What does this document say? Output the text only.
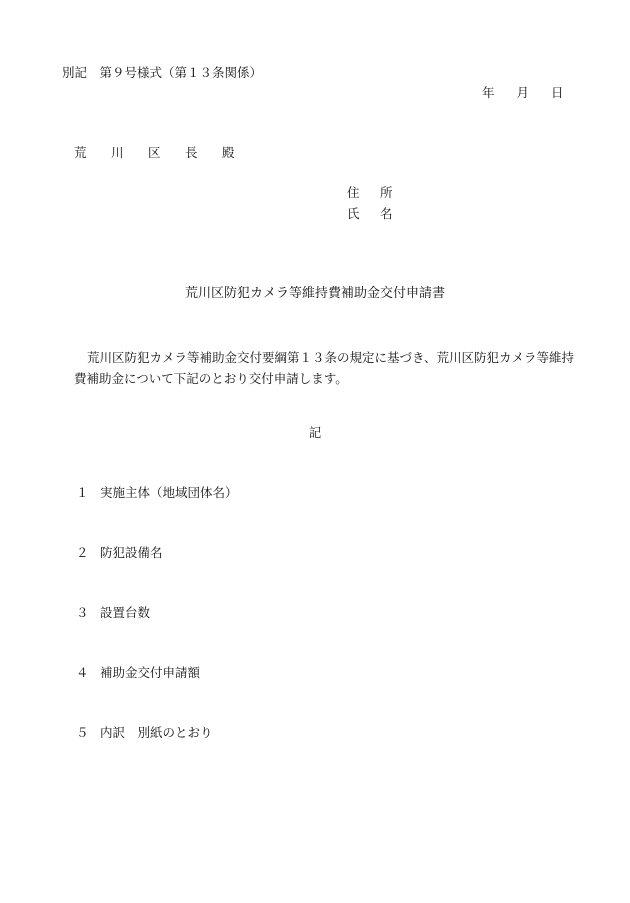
別記　第９号様式（第１３条関係）
年 月 日
荒　川　区　長　殿
住　所
氏　名
荒川区防犯カメラ等維持費補助金交付申請書
荒川区防犯カメラ等補助金交付要綱第１３条の規定に基づき、荒川区防犯カメラ等維持費補助金について下記のとおり交付申請します。
記
１ 実施主体（地域団体名）
２ 防犯設備名
３ 設置台数
４ 補助金交付申請額
５ 内訳　別紙のとおり
